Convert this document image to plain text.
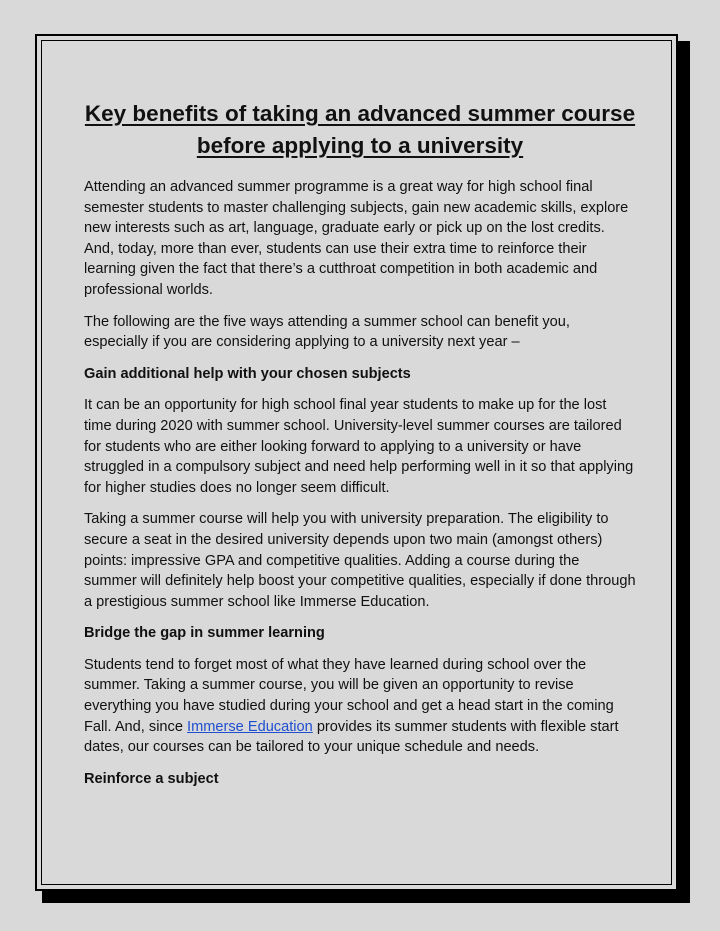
Key benefits of taking an advanced summer course before applying to a university

Attending an advanced summer programme is a great way for high school final semester students to master challenging subjects, gain new academic skills, explore new interests such as art, language, graduate early or pick up on the lost credits. And, today, more than ever, students can use their extra time to reinforce their learning given the fact that there’s a cutthroat competition in both academic and professional worlds.

The following are the five ways attending a summer school can benefit you, especially if you are considering applying to a university next year –

Gain additional help with your chosen subjects

It can be an opportunity for high school final year students to make up for the lost time during 2020 with summer school. University-level summer courses are tailored for students who are either looking forward to applying to a university or have struggled in a compulsory subject and need help performing well in it so that applying for higher studies does no longer seem difficult.

Taking a summer course will help you with university preparation. The eligibility to secure a seat in the desired university depends upon two main (amongst others) points: impressive GPA and competitive qualities. Adding a course during the summer will definitely help boost your competitive qualities, especially if done through a prestigious summer school like Immerse Education.

Bridge the gap in summer learning

Students tend to forget most of what they have learned during school over the summer. Taking a summer course, you will be given an opportunity to revise everything you have studied during your school and get a head start in the coming Fall. And, since Immerse Education provides its summer students with flexible start dates, our courses can be tailored to your unique schedule and needs.

Reinforce a subject
